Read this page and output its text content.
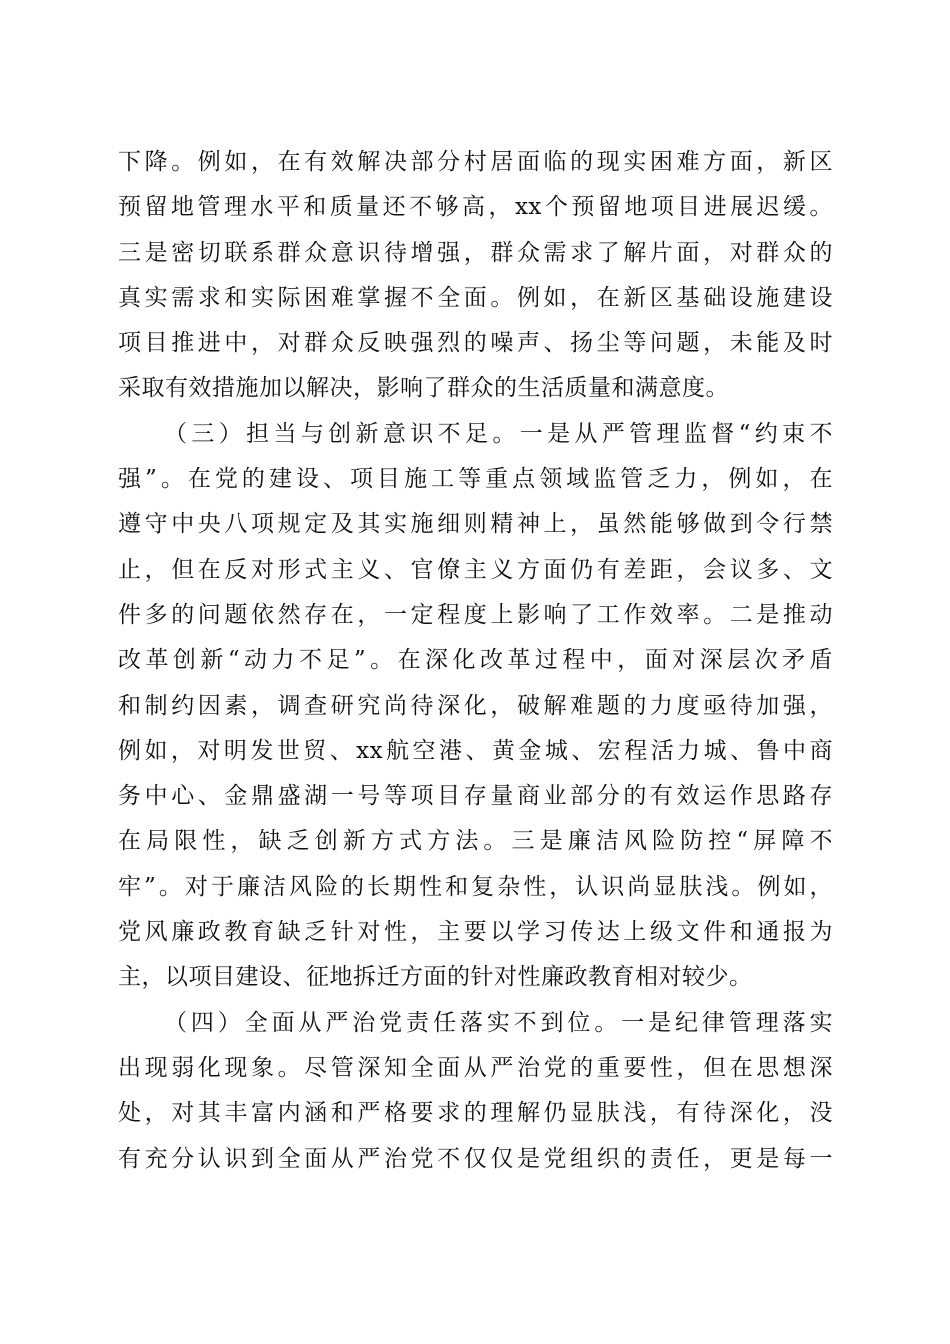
下降。例如，在有效解决部分村居面临的现实困难方面，新区
预留地管理水平和质量还不够高，xx个预留地项目进展迟缓。
三是密切联系群众意识待增强，群众需求了解片面，对群众的
真实需求和实际困难掌握不全面。例如，在新区基础设施建设
项目推进中，对群众反映强烈的噪声、扬尘等问题，未能及时
采取有效措施加以解决，影响了群众的生活质量和满意度。
（三）担当与创新意识不足。一是从严管理监督“约束不
强”。在党的建设、项目施工等重点领域监管乏力，例如，在
遵守中央八项规定及其实施细则精神上，虽然能够做到令行禁
止，但在反对形式主义、官僚主义方面仍有差距，会议多、文
件多的问题依然存在，一定程度上影响了工作效率。二是推动
改革创新“动力不足”。在深化改革过程中，面对深层次矛盾
和制约因素，调查研究尚待深化，破解难题的力度亟待加强，
例如，对明发世贸、xx航空港、黄金城、宏程活力城、鲁中商
务中心、金鼎盛湖一号等项目存量商业部分的有效运作思路存
在局限性，缺乏创新方式方法。三是廉洁风险防控“屏障不
牢”。对于廉洁风险的长期性和复杂性，认识尚显肤浅。例如，
党风廉政教育缺乏针对性，主要以学习传达上级文件和通报为
主，以项目建设、征地拆迁方面的针对性廉政教育相对较少。
（四）全面从严治党责任落实不到位。一是纪律管理落实
出现弱化现象。尽管深知全面从严治党的重要性，但在思想深
处，对其丰富内涵和严格要求的理解仍显肤浅，有待深化，没
有充分认识到全面从严治党不仅仅是党组织的责任，更是每一
